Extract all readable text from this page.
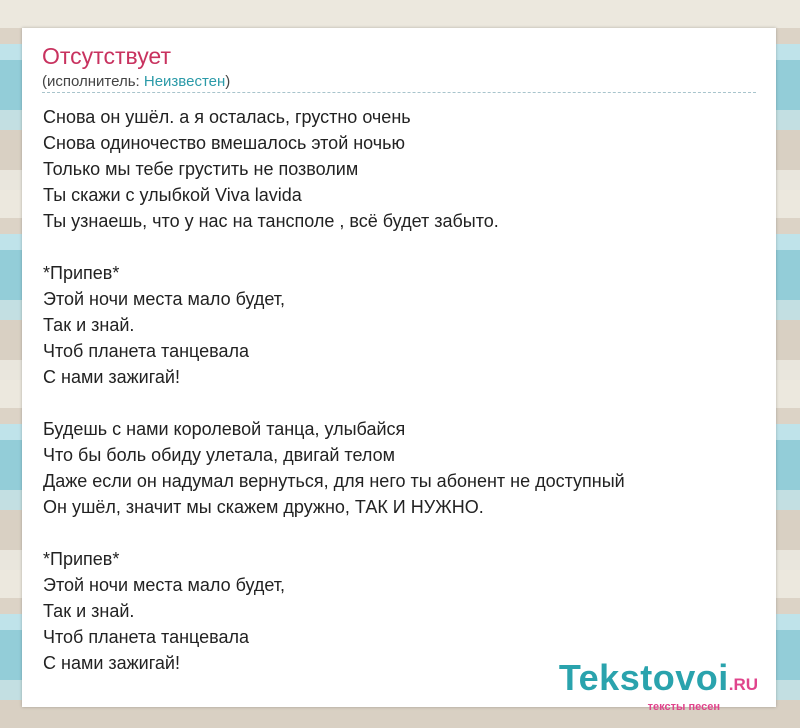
Отсутствует
(исполнитель: Неизвестен)
Снова он ушёл. а я осталась, грустно очень
Снова одиночество вмешалось этой ночью
Только мы тебе грустить не позволим
Ты скажи с улыбкой Viva lavida
Ты узнаешь, что у нас на тансполе , всё будет забыто.
*Припев*
Этой ночи места мало будет,
Так и знай.
Чтоб планета танцевала
С нами зажигай!
Будешь с нами королевой танца, улыбайся
Что бы боль обиду улетала, двигай телом
Даже если он надумал вернуться, для него ты абонент не доступный
Он ушёл, значит мы скажем дружно, ТАК И НУЖНО.
*Припев*
Этой ночи места мало будет,
Так и знай.
Чтоб планета танцевала
С нами зажигай!	Tekstovoi.RU
тексты песен
